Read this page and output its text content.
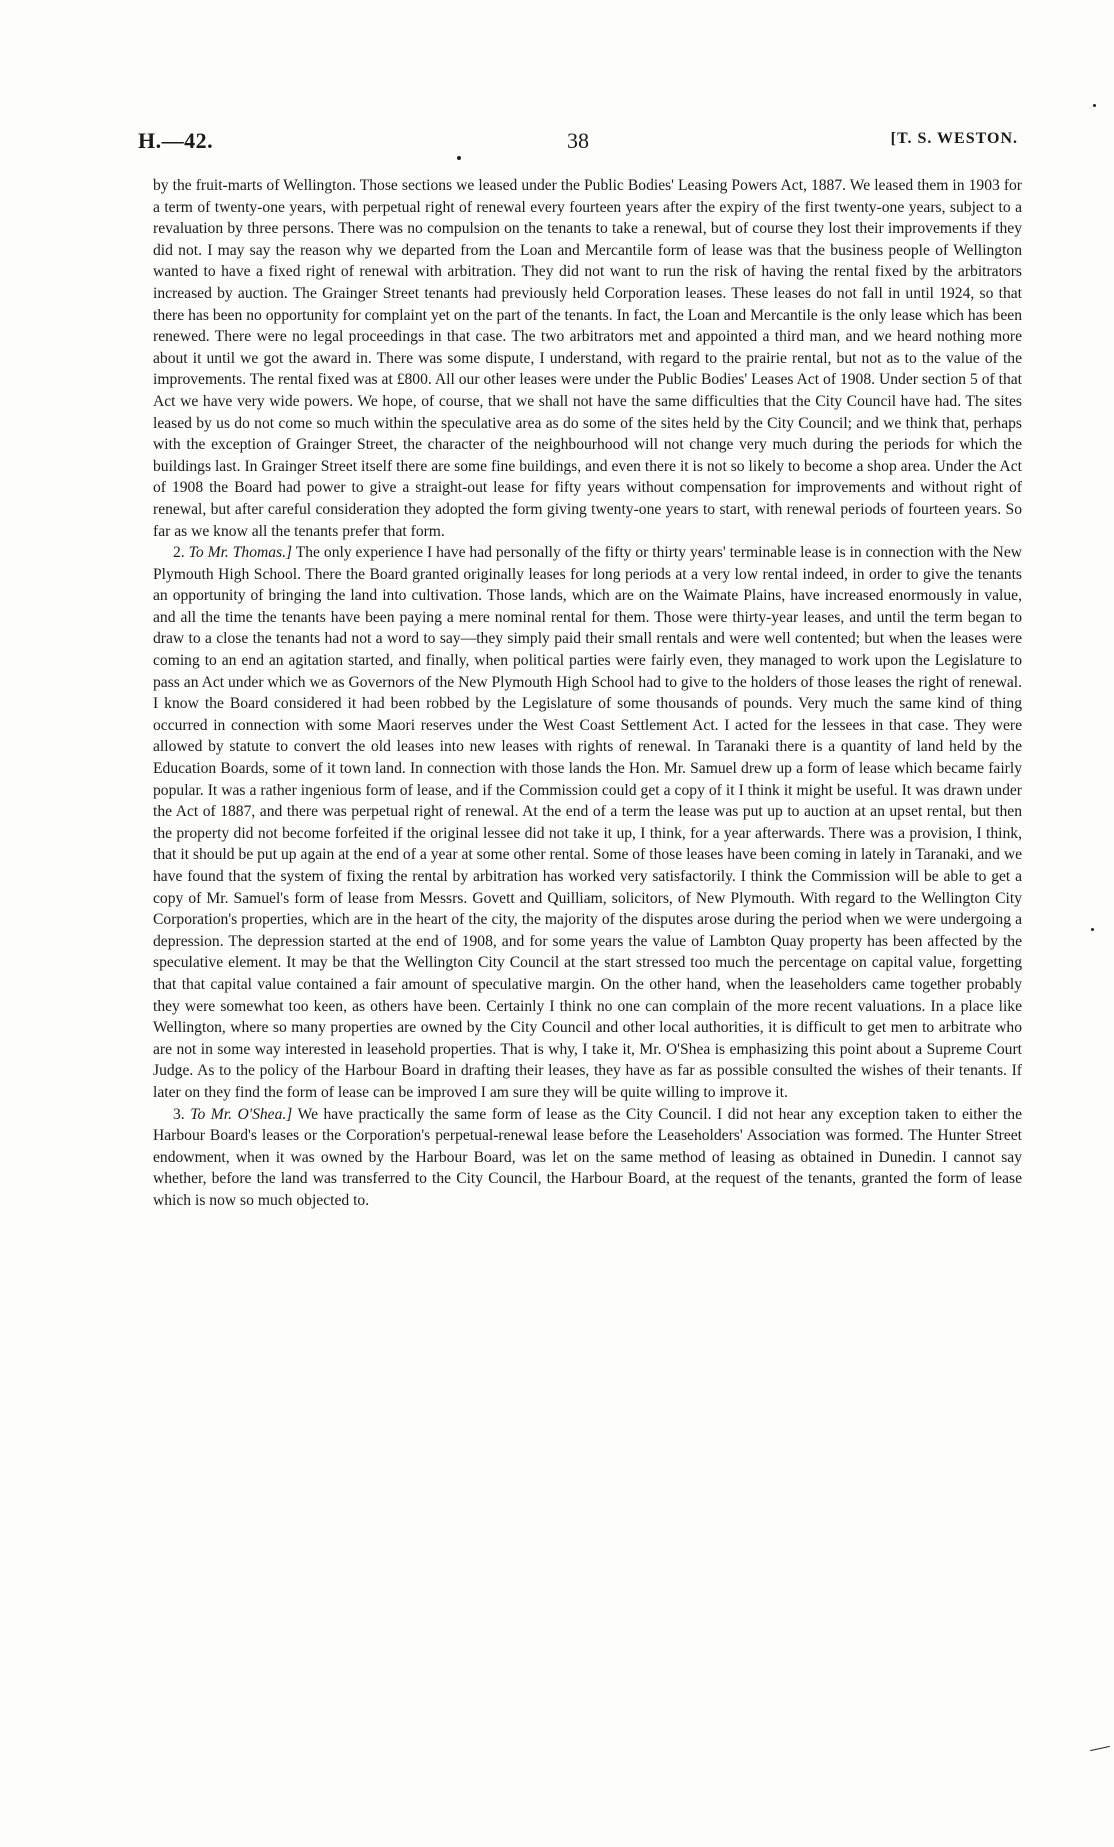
H.—42.	38	[T. S. WESTON.

by the fruit-marts of Wellington. Those sections we leased under the Public Bodies' Leasing Powers Act, 1887. We leased them in 1903 for a term of twenty-one years, with perpetual right of renewal every fourteen years after the expiry of the first twenty-one years, subject to a revaluation by three persons. There was no compulsion on the tenants to take a renewal, but of course they lost their improvements if they did not. I may say the reason why we departed from the Loan and Mercantile form of lease was that the business people of Wellington wanted to have a fixed right of renewal with arbitration. They did not want to run the risk of having the rental fixed by the arbitrators increased by auction. The Grainger Street tenants had previously held Corporation leases. These leases do not fall in until 1924, so that there has been no opportunity for complaint yet on the part of the tenants. In fact, the Loan and Mercantile is the only lease which has been renewed. There were no legal proceedings in that case. The two arbitrators met and appointed a third man, and we heard nothing more about it until we got the award in. There was some dispute, I understand, with regard to the prairie rental, but not as to the value of the improvements. The rental fixed was at £800. All our other leases were under the Public Bodies' Leases Act of 1908. Under section 5 of that Act we have very wide powers. We hope, of course, that we shall not have the same difficulties that the City Council have had. The sites leased by us do not come so much within the speculative area as do some of the sites held by the City Council; and we think that, perhaps with the exception of Grainger Street, the character of the neighbourhood will not change very much during the periods for which the buildings last. In Grainger Street itself there are some fine buildings, and even there it is not so likely to become a shop area. Under the Act of 1908 the Board had power to give a straight-out lease for fifty years without compensation for improvements and without right of renewal, but after careful consideration they adopted the form giving twenty-one years to start, with renewal periods of fourteen years. So far as we know all the tenants prefer that form.

2. To Mr. Thomas.] The only experience I have had personally of the fifty or thirty years' terminable lease is in connection with the New Plymouth High School. There the Board granted originally leases for long periods at a very low rental indeed, in order to give the tenants an opportunity of bringing the land into cultivation. Those lands, which are on the Waimate Plains, have increased enormously in value, and all the time the tenants have been paying a mere nominal rental for them. Those were thirty-year leases, and until the term began to draw to a close the tenants had not a word to say—they simply paid their small rentals and were well contented; but when the leases were coming to an end an agitation started, and finally, when political parties were fairly even, they managed to work upon the Legislature to pass an Act under which we as Governors of the New Plymouth High School had to give to the holders of those leases the right of renewal. I know the Board considered it had been robbed by the Legislature of some thousands of pounds. Very much the same kind of thing occurred in connection with some Maori reserves under the West Coast Settlement Act. I acted for the lessees in that case. They were allowed by statute to convert the old leases into new leases with rights of renewal. In Taranaki there is a quantity of land held by the Education Boards, some of it town land. In connection with those lands the Hon. Mr. Samuel drew up a form of lease which became fairly popular. It was a rather ingenious form of lease, and if the Commission could get a copy of it I think it might be useful. It was drawn under the Act of 1887, and there was perpetual right of renewal. At the end of a term the lease was put up to auction at an upset rental, but then the property did not become forfeited if the original lessee did not take it up, I think, for a year afterwards. There was a provision, I think, that it should be put up again at the end of a year at some other rental. Some of those leases have been coming in lately in Taranaki, and we have found that the system of fixing the rental by arbitration has worked very satisfactorily. I think the Commission will be able to get a copy of Mr. Samuel's form of lease from Messrs. Govett and Quilliam, solicitors, of New Plymouth. With regard to the Wellington City Corporation's properties, which are in the heart of the city, the majority of the disputes arose during the period when we were undergoing a depression. The depression started at the end of 1908, and for some years the value of Lambton Quay property has been affected by the speculative element. It may be that the Wellington City Council at the start stressed too much the percentage on capital value, forgetting that that capital value contained a fair amount of speculative margin. On the other hand, when the leaseholders came together probably they were somewhat too keen, as others have been. Certainly I think no one can complain of the more recent valuations. In a place like Wellington, where so many properties are owned by the City Council and other local authorities, it is difficult to get men to arbitrate who are not in some way interested in leasehold properties. That is why, I take it, Mr. O'Shea is emphasizing this point about a Supreme Court Judge. As to the policy of the Harbour Board in drafting their leases, they have as far as possible consulted the wishes of their tenants. If later on they find the form of lease can be improved I am sure they will be quite willing to improve it.

3. To Mr. O'Shea.] We have practically the same form of lease as the City Council. I did not hear any exception taken to either the Harbour Board's leases or the Corporation's perpetual-renewal lease before the Leaseholders' Association was formed. The Hunter Street endowment, when it was owned by the Harbour Board, was let on the same method of leasing as obtained in Dunedin. I cannot say whether, before the land was transferred to the City Council, the Harbour Board, at the request of the tenants, granted the form of lease which is now so much objected to.
